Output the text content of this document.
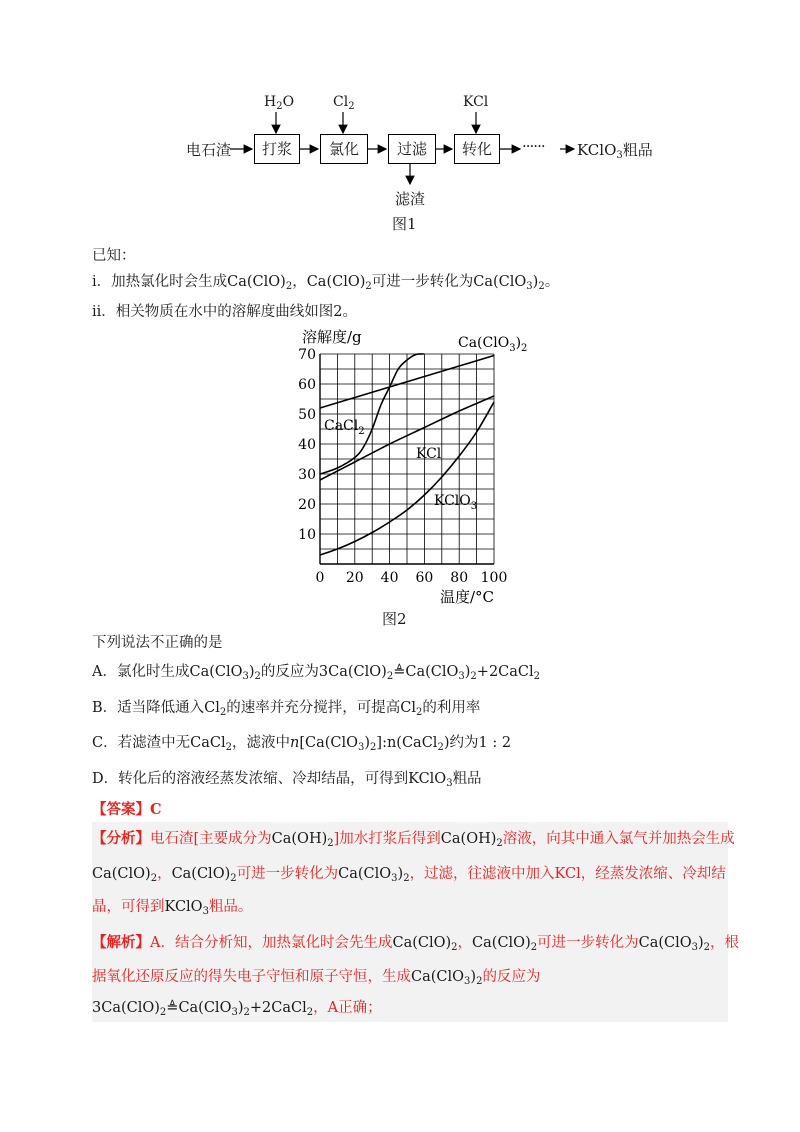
电石渣	打浆	氯化	过滤	转化
$H_2O$	$Cl_2$	KCl
······ KClO$_3$粗品
滤渣
图1
已知：
i．加热氯化时会生成$Ca(ClO)_2$，$Ca(ClO)_2$可进一步转化为$Ca(ClO_3)_2$。
ii．相关物质在水中的溶解度曲线如图2。
0 20 40 60 80 100
10
20
30
40
50
60
70
溶解度/g
温度/°C
$Ca(ClO_3)_2$
CaCl$_2$
KCl
KClO$_3$
图2
下列说法不正确的是
A．氯化时生成$Ca(ClO_3)_2$的反应为$3Ca(ClO)_2≜Ca(ClO_3)_2+2CaCl_2$
B．适当降低通入$Cl_2$的速率并充分搅拌，可提高$Cl_2$的利用率
C．若滤渣中无CaCl$_2$，滤液中$n[Ca(ClO_3)_2]:n(CaCl_2)$约为1 : 2
D．转化后的溶液经蒸发浓缩、冷却结晶，可得到KClO$_3$粗品
【答案】C
【分析】电石渣[主要成分为$Ca(OH)_2$]加水打浆后得到$Ca(OH)_2$溶液，向其中通入氯气并加热会生成
$Ca(ClO)_2$，$Ca(ClO)_2$可进一步转化为$Ca(ClO_3)_2$，过滤，往滤液中加入KCl，经蒸发浓缩、冷却结
晶，可得到KClO$_3$粗品。
【解析】A．结合分析知，加热氯化时会先生成$Ca(ClO)_2$，$Ca(ClO)_2$可进一步转化为$Ca(ClO_3)_2$，根
据氧化还原反应的得失电子守恒和原子守恒，生成$Ca(ClO_3)_2$的反应为
$3Ca(ClO)_2≜Ca(ClO_3)_2+2CaCl_2$，A正确；
